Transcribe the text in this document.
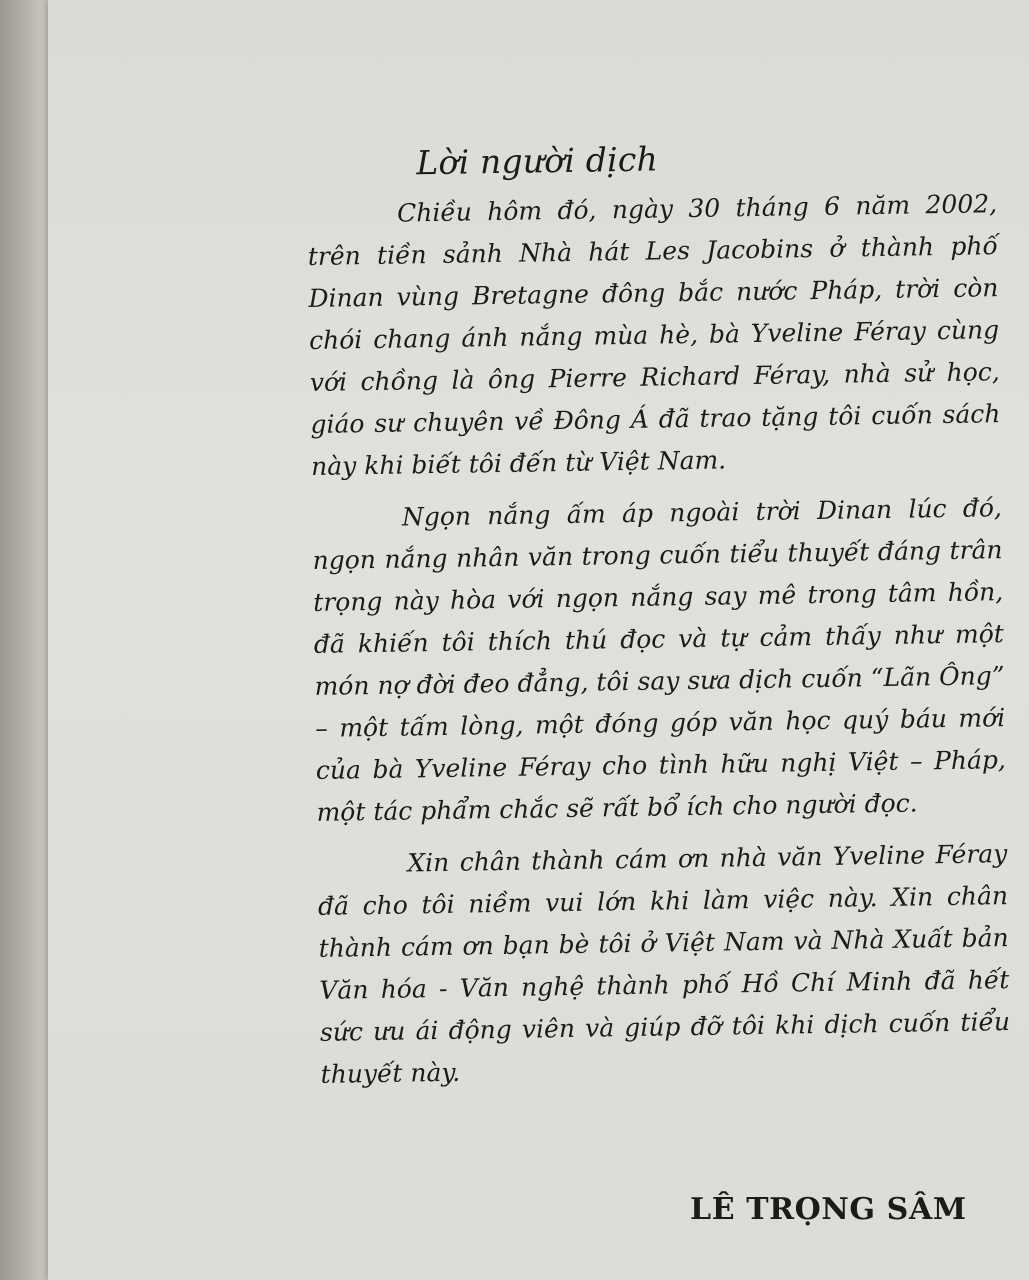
Lời người dịch

Chiều hôm đó, ngày 30 tháng 6 năm 2002, trên tiền sảnh Nhà hát Les Jacobins ở thành phố Dinan vùng Bretagne đông bắc nước Pháp, trời còn chói chang ánh nắng mùa hè, bà Yveline Féray cùng với chồng là ông Pierre Richard Féray, nhà sử học, giáo sư chuyên về Đông Á đã trao tặng tôi cuốn sách này khi biết tôi đến từ Việt Nam.

Ngọn nắng ấm áp ngoài trời Dinan lúc đó, ngọn nắng nhân văn trong cuốn tiểu thuyết đáng trân trọng này hòa với ngọn nắng say mê trong tâm hồn, đã khiến tôi thích thú đọc và tự cảm thấy như một món nợ đời đeo đẳng, tôi say sưa dịch cuốn “Lãn Ông” – một tấm lòng, một đóng góp văn học quý báu mới của bà Yveline Féray cho tình hữu nghị Việt – Pháp, một tác phẩm chắc sẽ rất bổ ích cho người đọc.

Xin chân thành cám ơn nhà văn Yveline Féray đã cho tôi niềm vui lớn khi làm việc này. Xin chân thành cám ơn bạn bè tôi ở Việt Nam và Nhà Xuất bản Văn hóa - Văn nghệ thành phố Hồ Chí Minh đã hết sức ưu ái động viên và giúp đỡ tôi khi dịch cuốn tiểu thuyết này.

LÊ TRỌNG SÂM
